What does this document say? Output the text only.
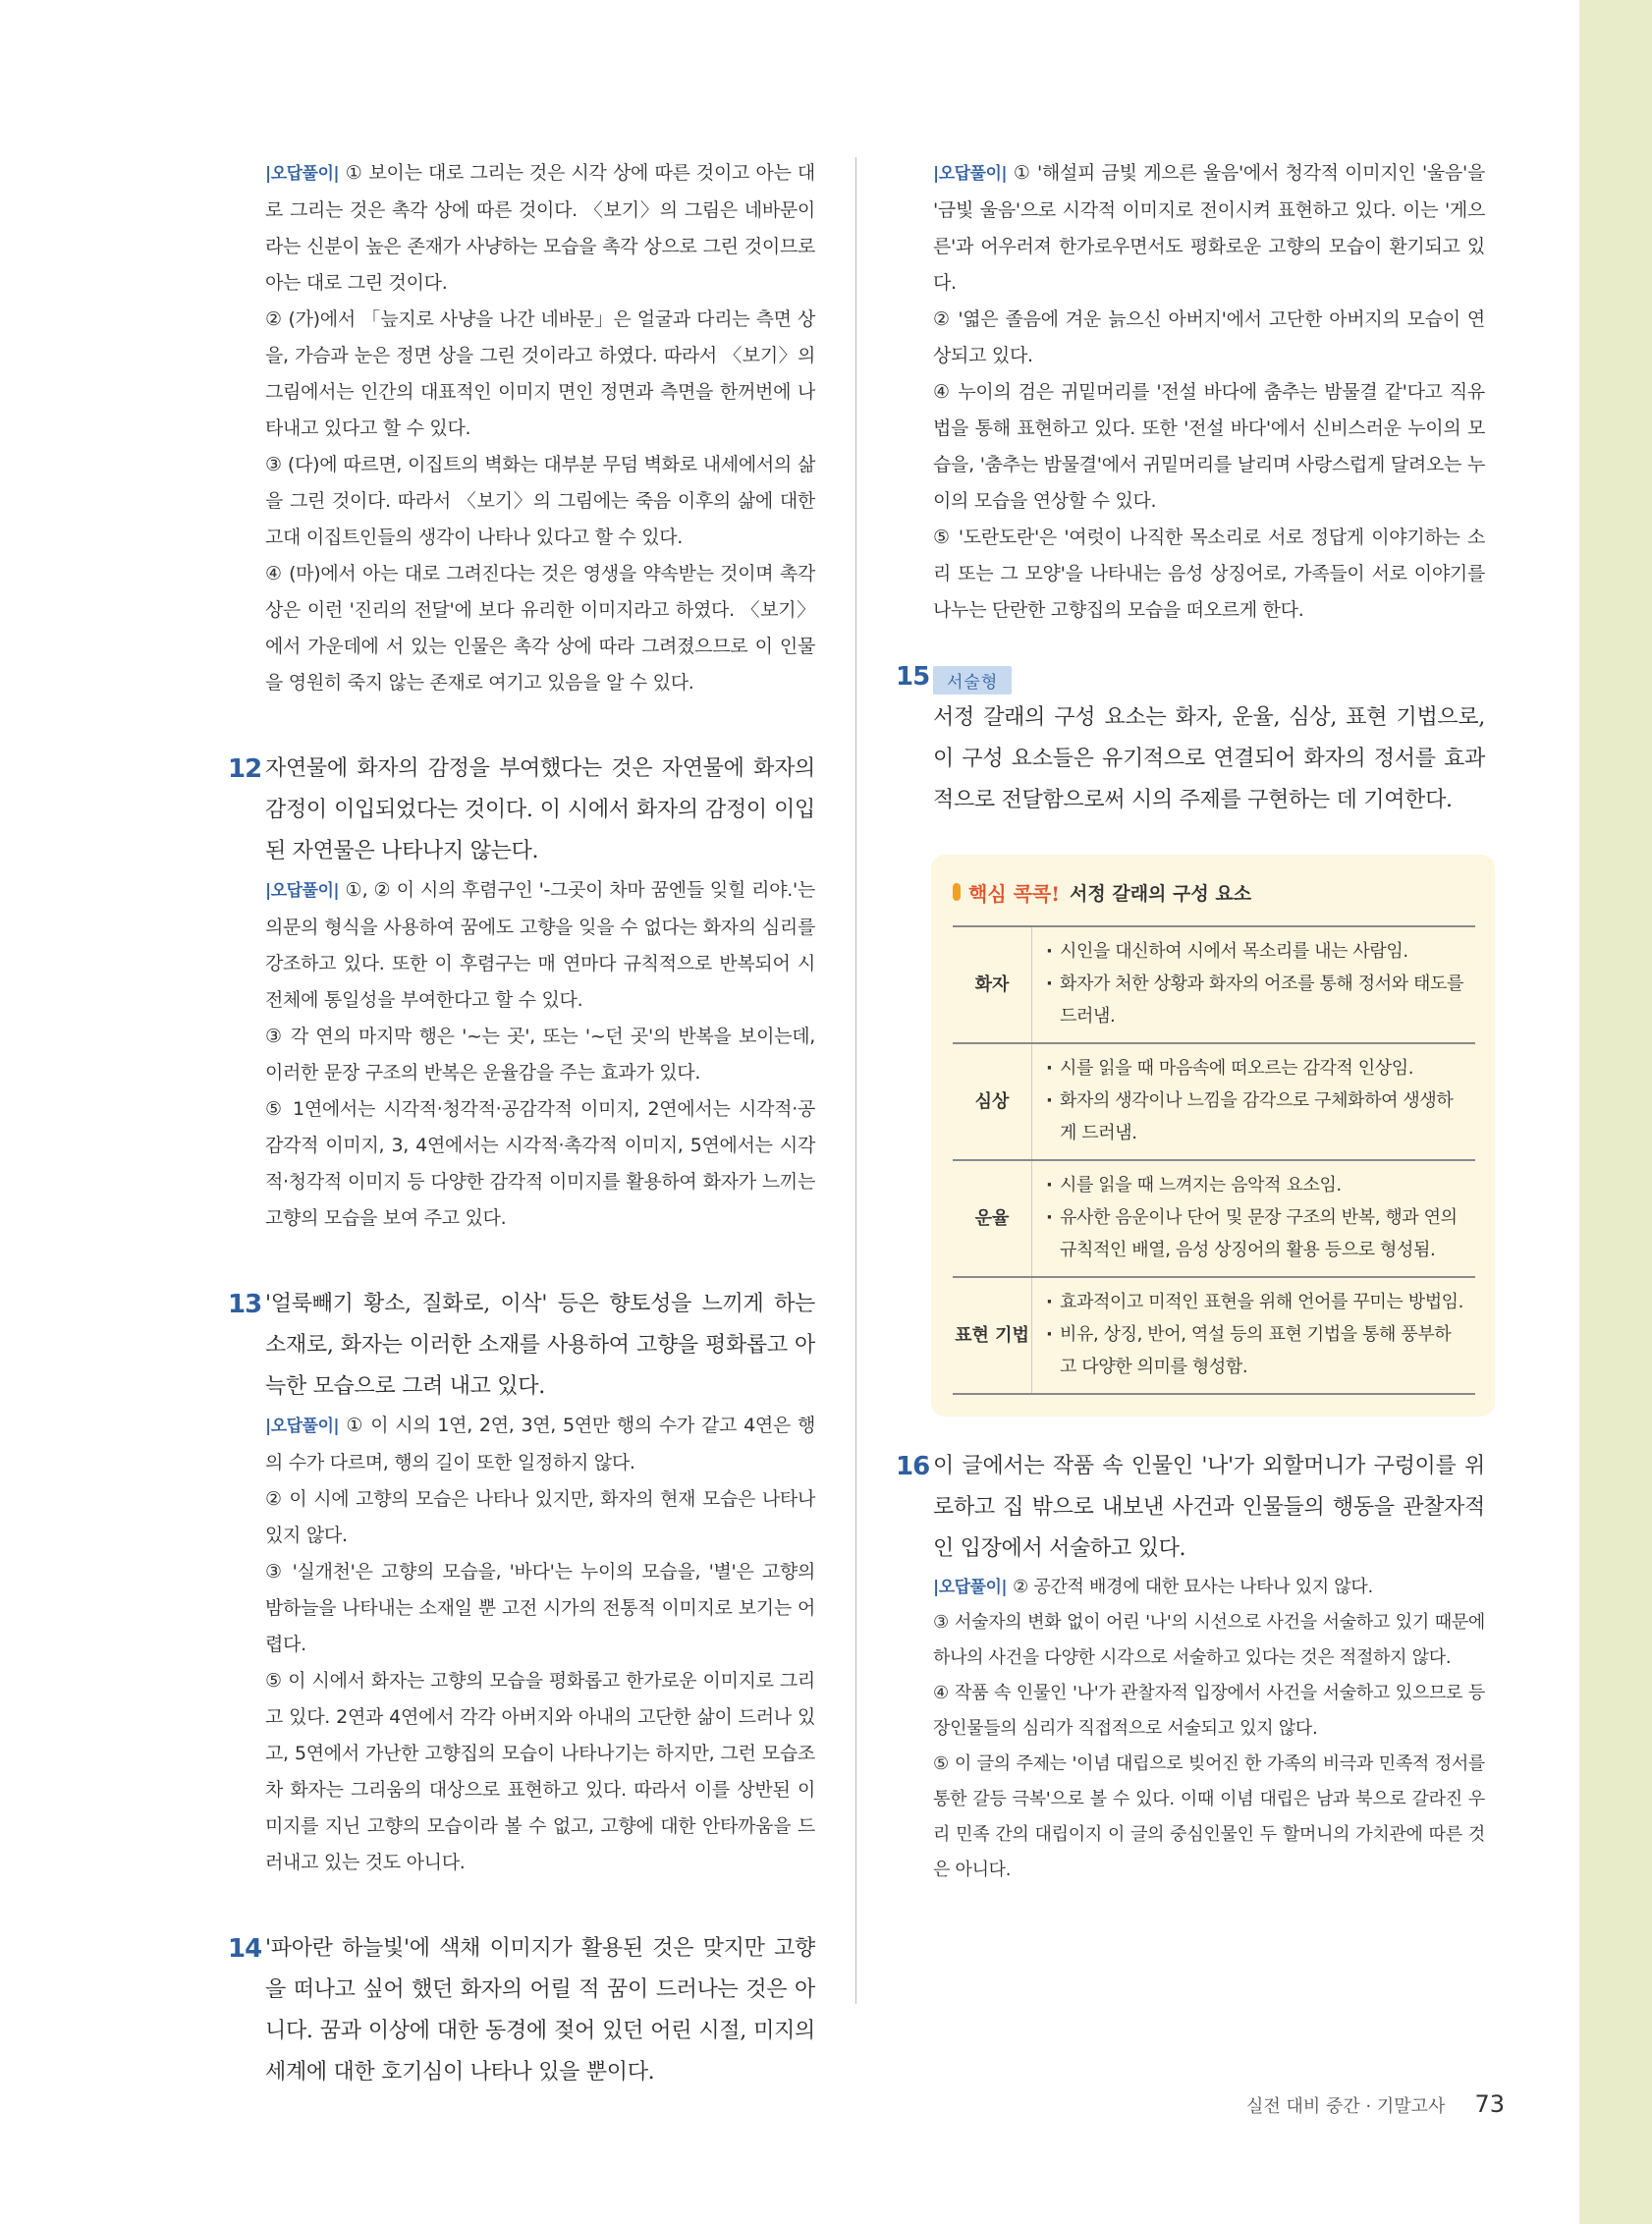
|오답풀이| ① 보이는 대로 그리는 것은 시각 상에 따른 것이고 아는 대로 그리는 것은 촉각 상에 따른 것이다. 〈보기〉의 그림은 네바문이라는 신분이 높은 존재가 사냥하는 모습을 촉각 상으로 그린 것이므로 아는 대로 그린 것이다.

② (가)에서 「늪지로 사냥을 나간 네바문」은 얼굴과 다리는 측면 상을, 가슴과 눈은 정면 상을 그린 것이라고 하였다. 따라서 〈보기〉의 그림에서는 인간의 대표적인 이미지 면인 정면과 측면을 한꺼번에 나타내고 있다고 할 수 있다.

③ (다)에 따르면, 이집트의 벽화는 대부분 무덤 벽화로 내세에서의 삶을 그린 것이다. 따라서 〈보기〉의 그림에는 죽음 이후의 삶에 대한 고대 이집트인들의 생각이 나타나 있다고 할 수 있다.

④ (마)에서 아는 대로 그려진다는 것은 영생을 약속받는 것이며 촉각 상은 이런 '진리의 전달'에 보다 유리한 이미지라고 하였다. 〈보기〉에서 가운데에 서 있는 인물은 촉각 상에 따라 그려졌으므로 이 인물을 영원히 죽지 않는 존재로 여기고 있음을 알 수 있다.

12 자연물에 화자의 감정을 부여했다는 것은 자연물에 화자의 감정이 이입되었다는 것이다. 이 시에서 화자의 감정이 이입된 자연물은 나타나지 않는다.

|오답풀이| ①, ② 이 시의 후렴구인 '-그곳이 차마 꿈엔들 잊힐 리야.'는 의문의 형식을 사용하여 꿈에도 고향을 잊을 수 없다는 화자의 심리를 강조하고 있다. 또한 이 후렴구는 매 연마다 규칙적으로 반복되어 시 전체에 통일성을 부여한다고 할 수 있다.

③ 각 연의 마지막 행은 '~는 곳', 또는 '~던 곳'의 반복을 보이는데, 이러한 문장 구조의 반복은 운율감을 주는 효과가 있다.

⑤ 1연에서는 시각적·청각적·공감각적 이미지, 2연에서는 시각적·공감각적 이미지, 3, 4연에서는 시각적·촉각적 이미지, 5연에서는 시각적·청각적 이미지 등 다양한 감각적 이미지를 활용하여 화자가 느끼는 고향의 모습을 보여 주고 있다.

13 '얼룩빼기 황소, 질화로, 이삭' 등은 향토성을 느끼게 하는 소재로, 화자는 이러한 소재를 사용하여 고향을 평화롭고 아늑한 모습으로 그려 내고 있다.

|오답풀이| ① 이 시의 1연, 2연, 3연, 5연만 행의 수가 같고 4연은 행의 수가 다르며, 행의 길이 또한 일정하지 않다.

② 이 시에 고향의 모습은 나타나 있지만, 화자의 현재 모습은 나타나 있지 않다.

③ '실개천'은 고향의 모습을, '바다'는 누이의 모습을, '별'은 고향의 밤하늘을 나타내는 소재일 뿐 고전 시가의 전통적 이미지로 보기는 어렵다.

⑤ 이 시에서 화자는 고향의 모습을 평화롭고 한가로운 이미지로 그리고 있다. 2연과 4연에서 각각 아버지와 아내의 고단한 삶이 드러나 있고, 5연에서 가난한 고향집의 모습이 나타나기는 하지만, 그런 모습조차 화자는 그리움의 대상으로 표현하고 있다. 따라서 이를 상반된 이미지를 지닌 고향의 모습이라 볼 수 없고, 고향에 대한 안타까움을 드러내고 있는 것도 아니다.

14 '파아란 하늘빛'에 색채 이미지가 활용된 것은 맞지만 고향을 떠나고 싶어 했던 화자의 어릴 적 꿈이 드러나는 것은 아니다. 꿈과 이상에 대한 동경에 젖어 있던 어린 시절, 미지의 세계에 대한 호기심이 나타나 있을 뿐이다.

|오답풀이| ① '해설피 금빛 게으른 울음'에서 청각적 이미지인 '울음'을 '금빛 울음'으로 시각적 이미지로 전이시켜 표현하고 있다. 이는 '게으른'과 어우러져 한가로우면서도 평화로운 고향의 모습이 환기되고 있다.

② '엷은 졸음에 겨운 늙으신 아버지'에서 고단한 아버지의 모습이 연상되고 있다.

④ 누이의 검은 귀밑머리를 '전설 바다에 춤추는 밤물결 같'다고 직유법을 통해 표현하고 있다. 또한 '전설 바다'에서 신비스러운 누이의 모습을, '춤추는 밤물결'에서 귀밑머리를 날리며 사랑스럽게 달려오는 누이의 모습을 연상할 수 있다.

⑤ '도란도란'은 '여럿이 나직한 목소리로 서로 정답게 이야기하는 소리 또는 그 모양'을 나타내는 음성 상징어로, 가족들이 서로 이야기를 나누는 단란한 고향집의 모습을 떠오르게 한다.

15 서술형

서정 갈래의 구성 요소는 화자, 운율, 심상, 표현 기법으로, 이 구성 요소들은 유기적으로 연결되어 화자의 정서를 효과적으로 전달함으로써 시의 주제를 구현하는 데 기여한다.

핵심 콕콕! 서정 갈래의 구성 요소
화자	· 시인을 대신하여 시에서 목소리를 내는 사람임.
· 화자가 처한 상황과 화자의 어조를 통해 정서와 태도를 드러냄.

심상	· 시를 읽을 때 마음속에 떠오르는 감각적 인상임.
· 화자의 생각이나 느낌을 감각으로 구체화하여 생생하게 드러냄.

운율	· 시를 읽을 때 느껴지는 음악적 요소임.
· 유사한 음운이나 단어 및 문장 구조의 반복, 행과 연의 규칙적인 배열, 음성 상징어의 활용 등으로 형성됨.

표현 기법	· 효과적이고 미적인 표현을 위해 언어를 꾸미는 방법임.
· 비유, 상징, 반어, 역설 등의 표현 기법을 통해 풍부하고 다양한 의미를 형성함.

16 이 글에서는 작품 속 인물인 '나'가 외할머니가 구렁이를 위로하고 집 밖으로 내보낸 사건과 인물들의 행동을 관찰자적인 입장에서 서술하고 있다.

|오답풀이| ② 공간적 배경에 대한 묘사는 나타나 있지 않다.

③ 서술자의 변화 없이 어린 '나'의 시선으로 사건을 서술하고 있기 때문에 하나의 사건을 다양한 시각으로 서술하고 있다는 것은 적절하지 않다.

④ 작품 속 인물인 '나'가 관찰자적 입장에서 사건을 서술하고 있으므로 등장인물들의 심리가 직접적으로 서술되고 있지 않다.

⑤ 이 글의 주제는 '이념 대립으로 빚어진 한 가족의 비극과 민족적 정서를 통한 갈등 극복'으로 볼 수 있다. 이때 이념 대립은 남과 북으로 갈라진 우리 민족 간의 대립이지 이 글의 중심인물인 두 할머니의 가치관에 따른 것은 아니다.

실전 대비 중간 · 기말고사 73
